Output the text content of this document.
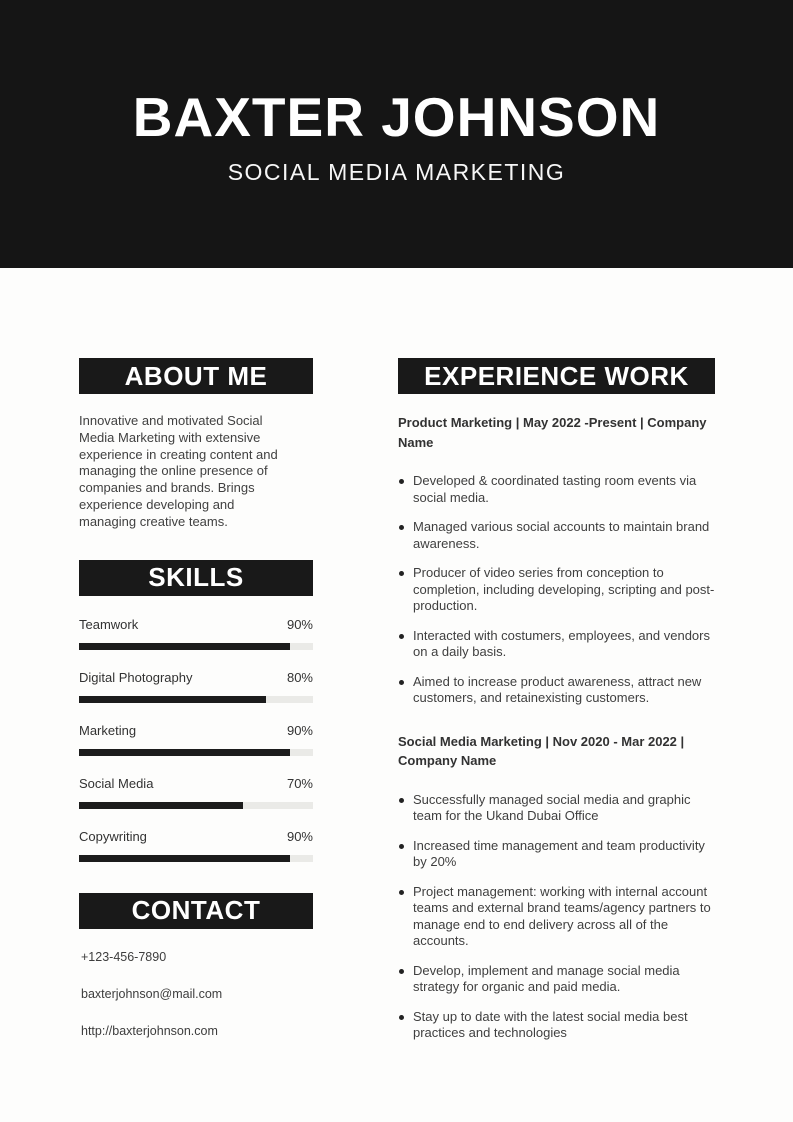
BAXTER JOHNSON
SOCIAL MEDIA MARKETING
ABOUT ME
Innovative and motivated Social
Media Marketing with extensive
experience in creating content and
managing the online presence of
companies and brands. Brings
experience developing and
managing creative teams.
SKILLS
Teamwork	90%
Digital Photography	80%
Marketing	90%
Social Media	70%
Copywriting	90%
CONTACT
+123-456-7890
baxterjohnson@mail.com
http://baxterjohnson.com
EXPERIENCE WORK
Product Marketing | May 2022 -Present | Company Name
Developed & coordinated tasting room events via social media.
Managed various social accounts to maintain brand awareness.
Producer of video series from conception to completion, including developing, scripting and post-production.
Interacted with costumers, employees, and vendors on a daily basis.
Aimed to increase product awareness, attract new customers, and retainexisting customers.
Social Media Marketing | Nov 2020 - Mar 2022 | Company Name
Successfully managed social media and graphic team for the Ukand Dubai Office
Increased time management and team productivity by 20%
Project management: working with internal account teams and external brand teams/agency partners to manage end to end delivery across all of the accounts.
Develop, implement and manage social media strategy for organic and paid media.
Stay up to date with the latest social media best practices and technologies
